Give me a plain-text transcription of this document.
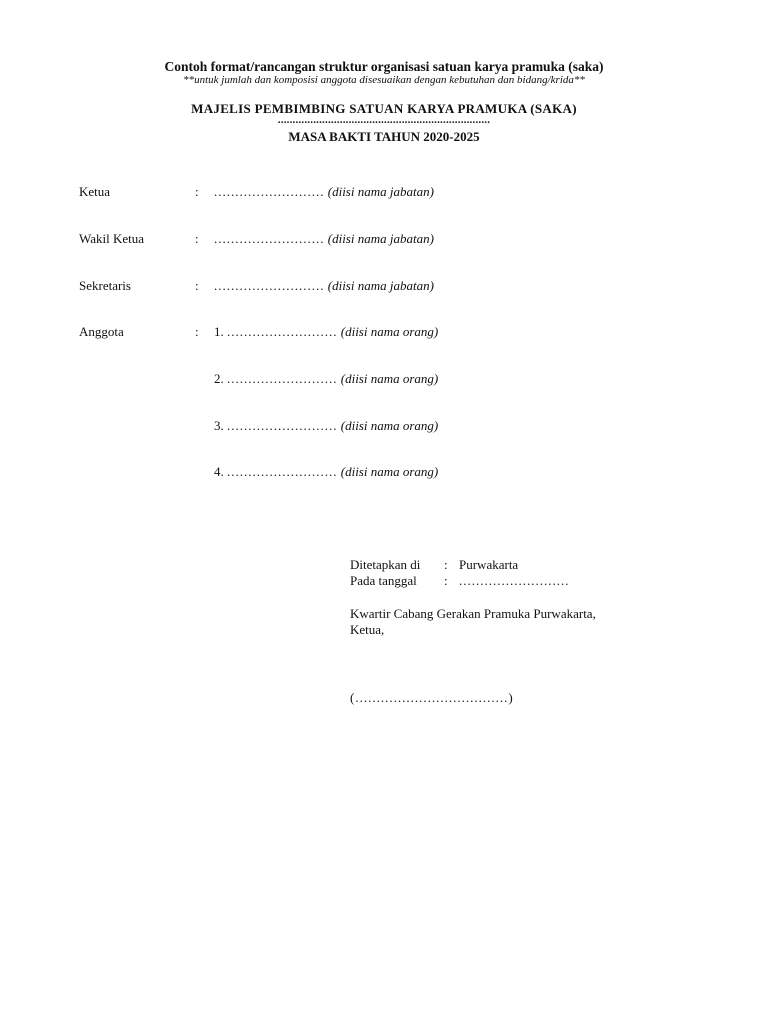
Contoh format/rancangan struktur organisasi satuan karya pramuka (saka)
**untuk jumlah dan komposisi anggota disesuaikan dengan kebutuhan dan bidang/krida**
MAJELIS PEMBIMBING SATUAN KARYA PRAMUKA (SAKA)
........................................................................
MASA BAKTI TAHUN 2020-2025
Ketua	: .......................... (diisi nama jabatan)
Wakil Ketua	: .......................... (diisi nama jabatan)
Sekretaris	: .......................... (diisi nama jabatan)
Anggota	: 1. .......................... (diisi nama orang)
2. .......................... (diisi nama orang)
3. .......................... (diisi nama orang)
4. .......................... (diisi nama orang)
Ditetapkan di : Purwakarta
Pada tanggal : ..........................
Kwartir Cabang Gerakan Pramuka Purwakarta,
Ketua,
(....................................)
